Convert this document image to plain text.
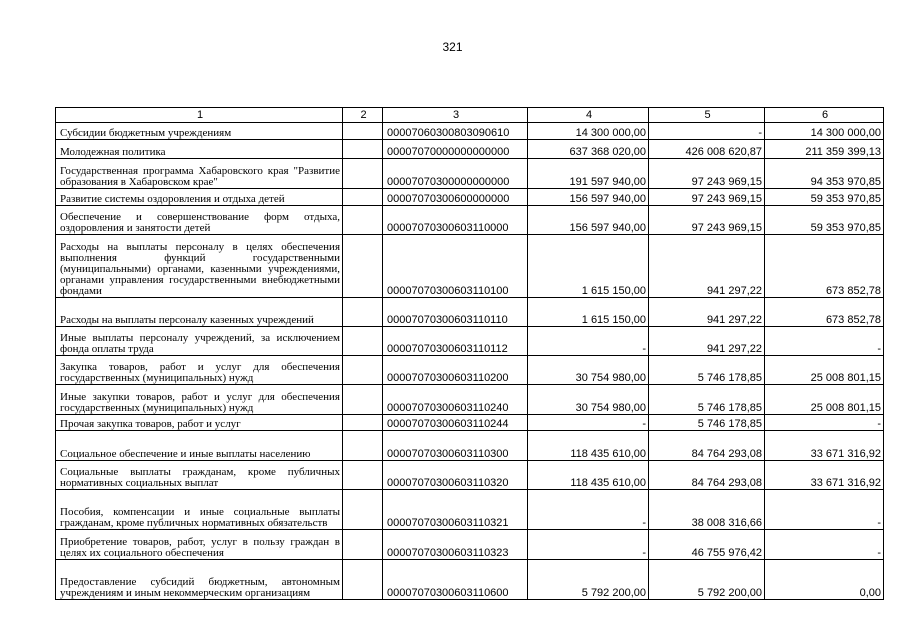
321
1	2	3	4	5	6
Субсидии бюджетным учреждениям		00007060300803090610	14 300 000,00	-	14 300 000,00
Молодежная политика		00007070000000000000	637 368 020,00	426 008 620,87	211 359 399,13
Государственная программа Хабаровского края "Развитие образования в Хабаровском крае"		00007070300000000000	191 597 940,00	97 243 969,15	94 353 970,85
Развитие системы оздоровления и отдыха детей		00007070300600000000	156 597 940,00	97 243 969,15	59 353 970,85
Обеспечение и совершенствование форм отдыха, оздоровления и занятости детей		00007070300603110000	156 597 940,00	97 243 969,15	59 353 970,85
Расходы на выплаты персоналу в целях обеспечения выполнения функций государственными (муниципальными) органами, казенными учреждениями, органами управления государственными внебюджетными фондами		00007070300603110100	1 615 150,00	941 297,22	673 852,78
Расходы на выплаты персоналу казенных учреждений		00007070300603110110	1 615 150,00	941 297,22	673 852,78
Иные выплаты персоналу учреждений, за исключением фонда оплаты труда		00007070300603110112	-	941 297,22	-
Закупка товаров, работ и услуг для обеспечения государственных (муниципальных) нужд		00007070300603110200	30 754 980,00	5 746 178,85	25 008 801,15
Иные закупки товаров, работ и услуг для обеспечения государственных (муниципальных) нужд		00007070300603110240	30 754 980,00	5 746 178,85	25 008 801,15
Прочая закупка товаров, работ и услуг		00007070300603110244	-	5 746 178,85	-
Социальное обеспечение и иные выплаты населению		00007070300603110300	118 435 610,00	84 764 293,08	33 671 316,92
Социальные выплаты гражданам, кроме публичных нормативных социальных выплат		00007070300603110320	118 435 610,00	84 764 293,08	33 671 316,92
Пособия, компенсации и иные социальные выплаты гражданам, кроме публичных нормативных обязательств		00007070300603110321	-	38 008 316,66	-
Приобретение товаров, работ, услуг в пользу граждан в целях их социального обеспечения		00007070300603110323	-	46 755 976,42	-
Предоставление субсидий бюджетным, автономным учреждениям и иным некоммерческим организациям		00007070300603110600	5 792 200,00	5 792 200,00	0,00
